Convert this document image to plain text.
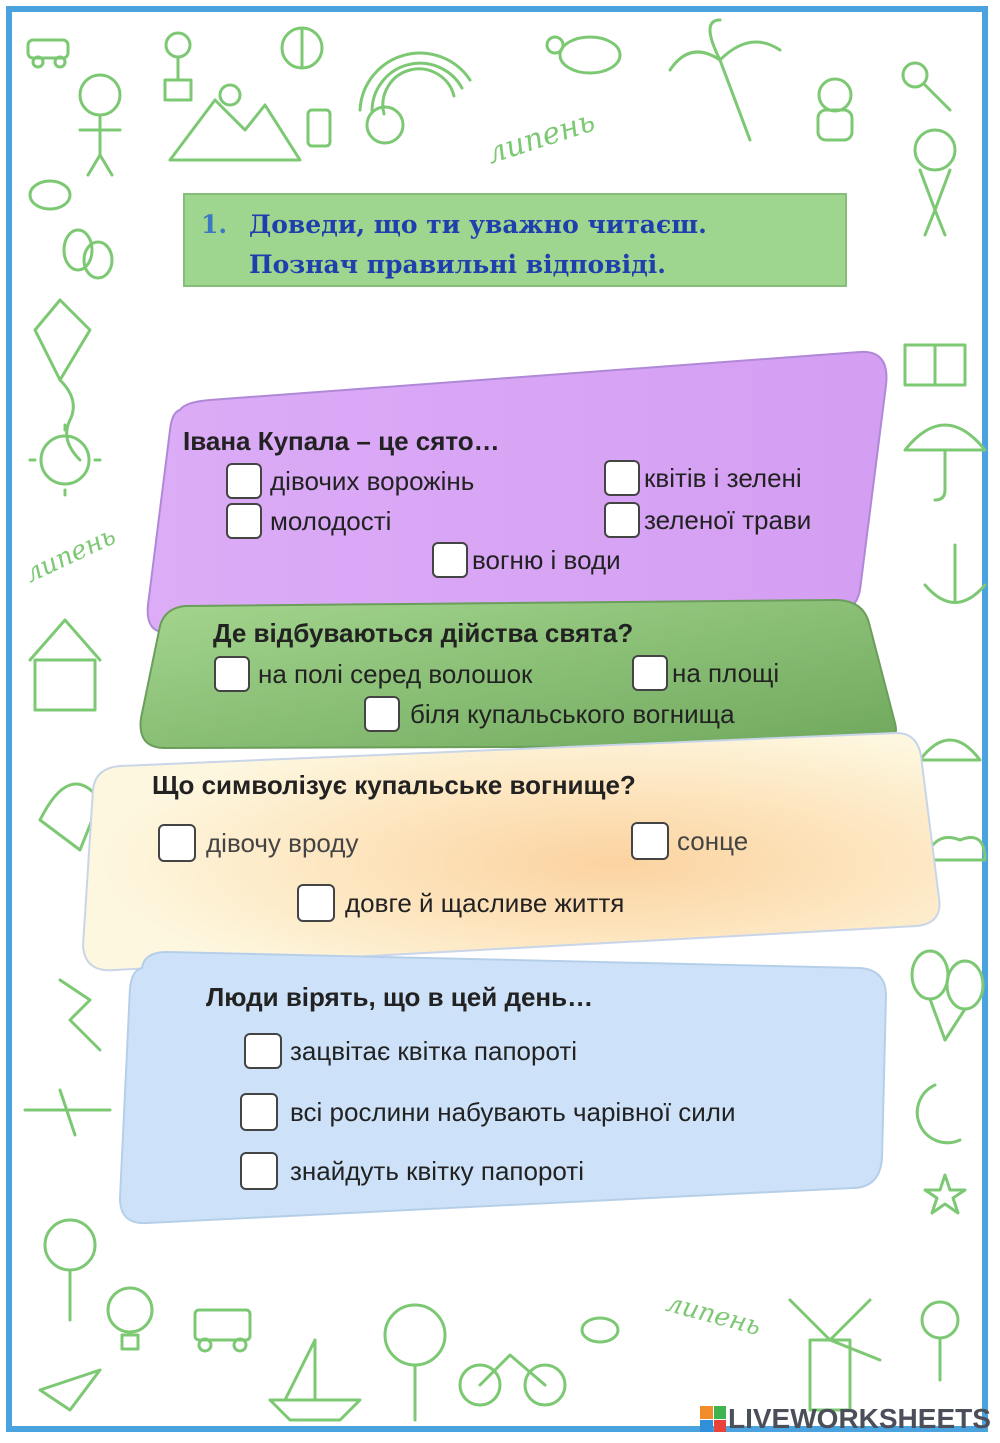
липень
липень
липень
1. Доведи, що ти уважно читаєш.
Познач правильні відповіді.
Івана Купала – це сято…
дівочих ворожінь	квітів і зелені
молодості	зеленої трави
вогню і води
Де відбуваються дійства свята?
на полі серед волошок	на площі
біля купальського вогнища
Що символізує купальське вогнище?
дівочу вроду	сонце
довге й щасливе життя
Люди вірять, що в цей день…
зацвітає квітка папороті
всі рослини набувають чарівної сили
знайдуть квітку папороті
LIVEWORKSHEETS
